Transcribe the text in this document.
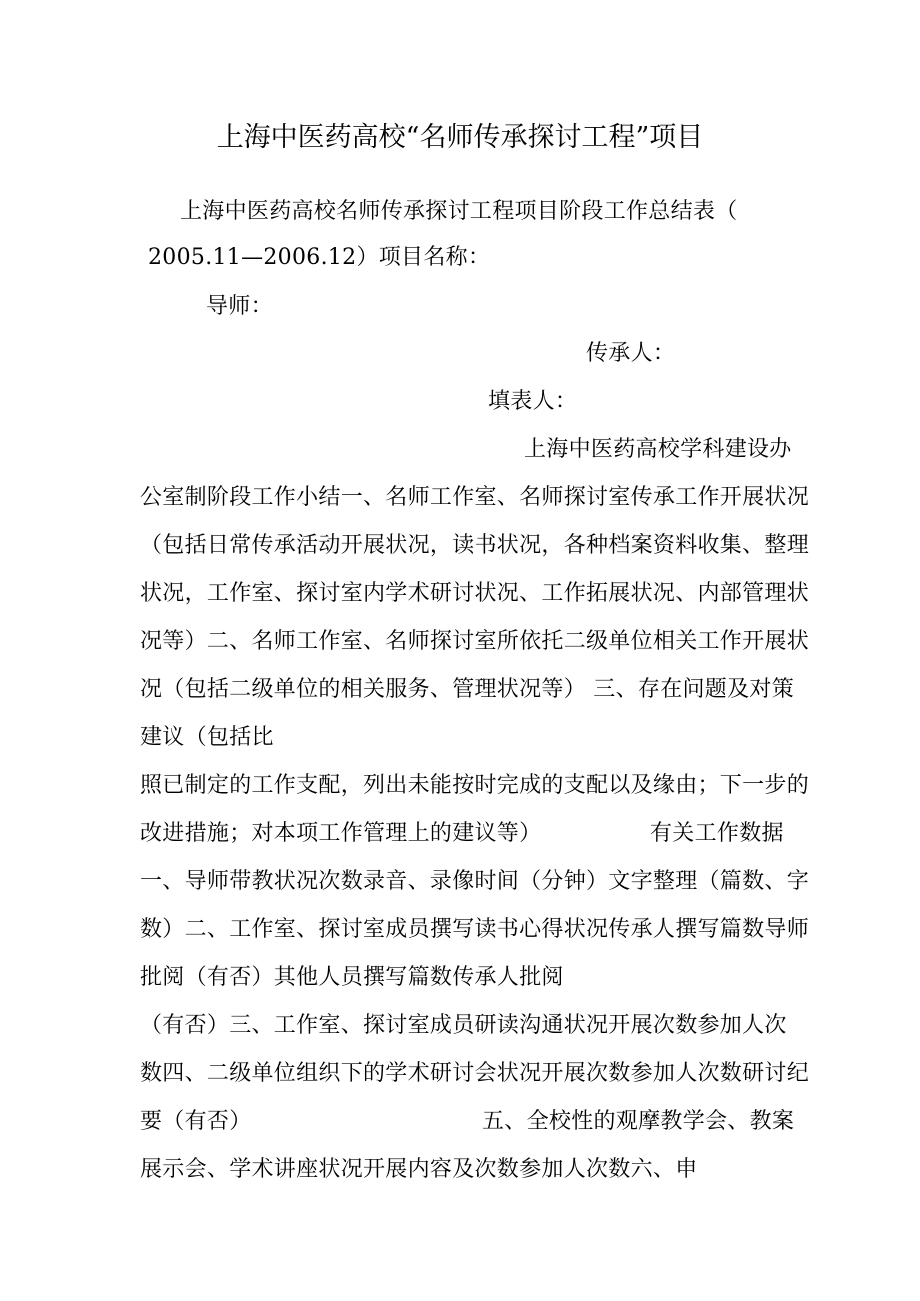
上海中医药高校“名师传承探讨工程”项目
上海中医药高校名师传承探讨工程项目阶段工作总结表（
2005.11—2006.12）项目名称：
导师：
传承人：
填表人：
上海中医药高校学科建设办
公室制阶段工作小结一、名师工作室、名师探讨室传承工作开展状况
（包括日常传承活动开展状况，读书状况，各种档案资料收集、整理
状况，工作室、探讨室内学术研讨状况、工作拓展状况、内部管理状
况等）二、名师工作室、名师探讨室所依托二级单位相关工作开展状
况（包括二级单位的相关服务、管理状况等） 三、存在问题及对策
建议（包括比
照已制定的工作支配，列出未能按时完成的支配以及缘由；下一步的
改进措施；对本项工作管理上的建议等）	有关工作数据
一、导师带教状况次数录音、录像时间（分钟）文字整理（篇数、字
数）二、工作室、探讨室成员撰写读书心得状况传承人撰写篇数导师
批阅（有否）其他人员撰写篇数传承人批阅
（有否）三、工作室、探讨室成员研读沟通状况开展次数参加人次
数四、二级单位组织下的学术研讨会状况开展次数参加人次数研讨纪
要（有否）	五、全校性的观摩教学会、教案
展示会、学术讲座状况开展内容及次数参加人次数六、申
